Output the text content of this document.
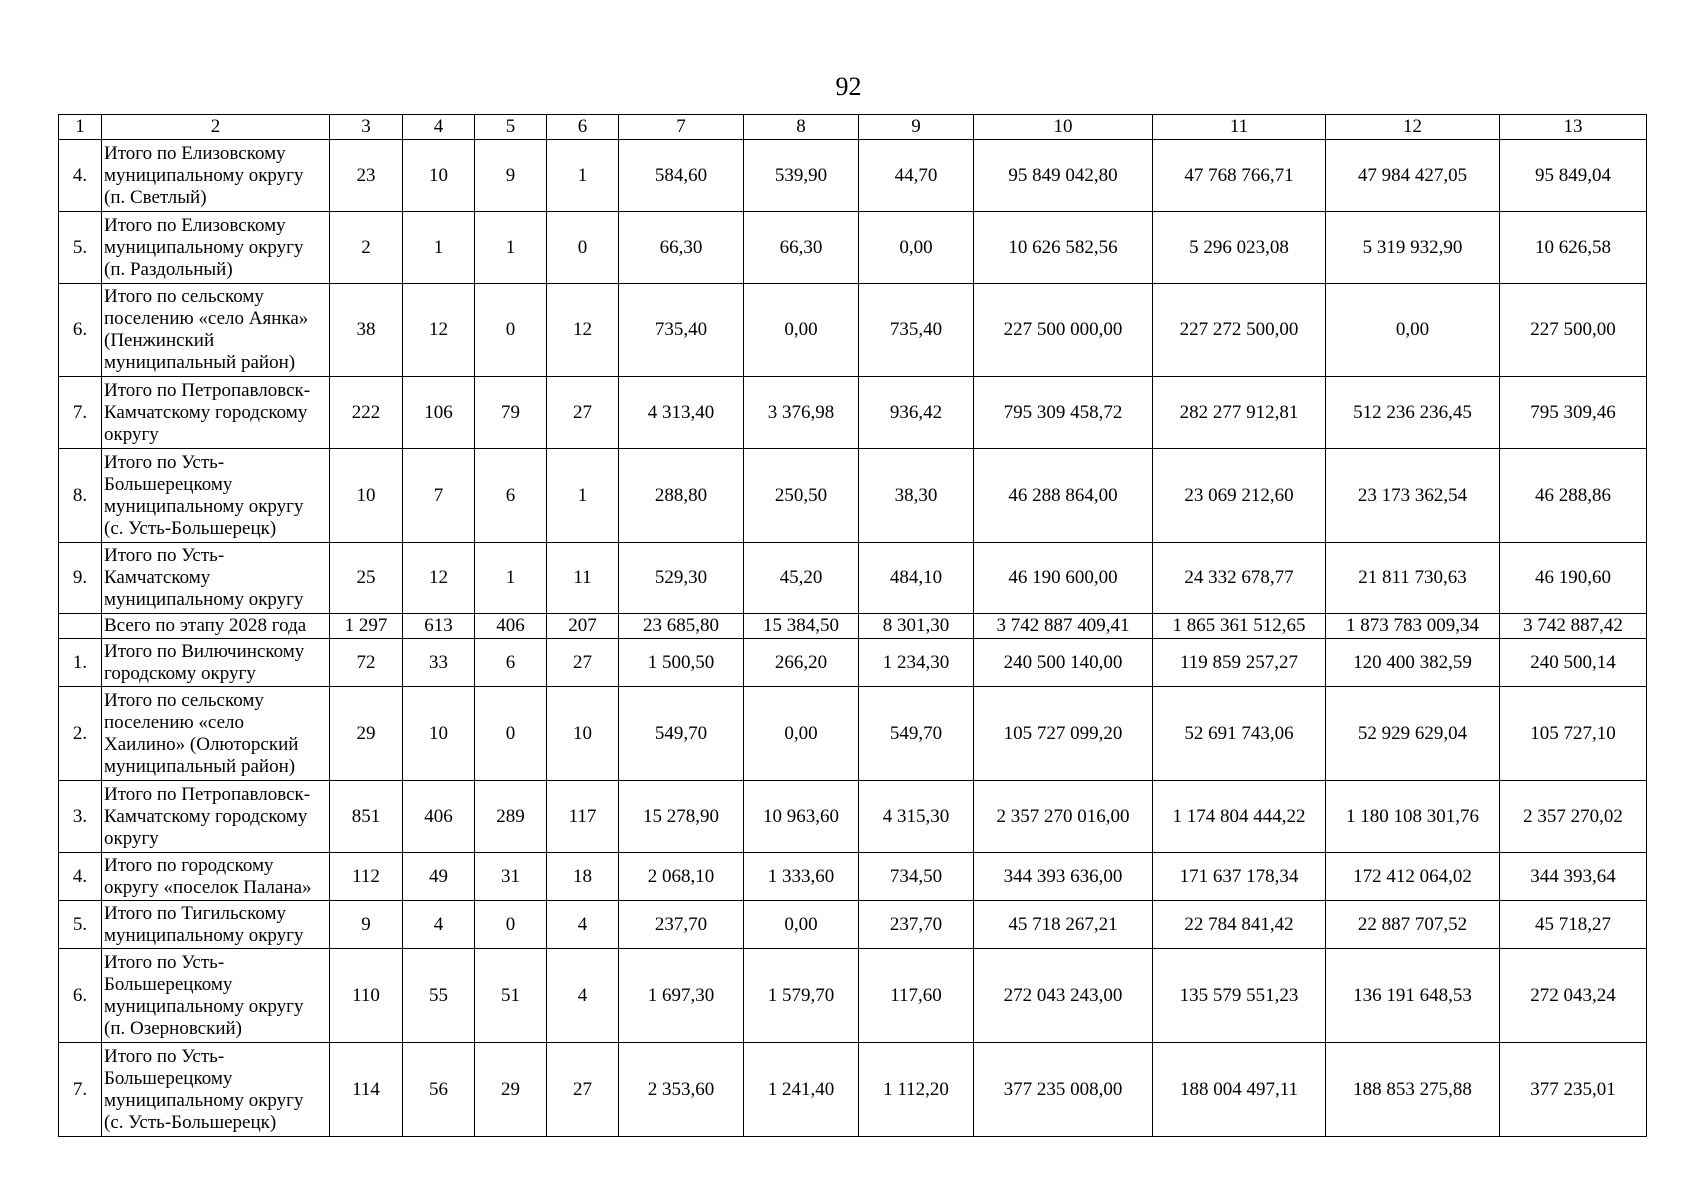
92
1	2	3	4	5	6	7	8	9	10	11	12	13
4.	Итого по Елизовскому муниципальному округу (п. Светлый)	23	10	9	1	584,60	539,90	44,70	95 849 042,80	47 768 766,71	47 984 427,05	95 849,04
5.	Итого по Елизовскому муниципальному округу (п. Раздольный)	2	1	1	0	66,30	66,30	0,00	10 626 582,56	5 296 023,08	5 319 932,90	10 626,58
6.	Итого по сельскому поселению «село Аянка» (Пенжинский муниципальный район)	38	12	0	12	735,40	0,00	735,40	227 500 000,00	227 272 500,00	0,00	227 500,00
7.	Итого по Петропавловск-Камчатскому городскому округу	222	106	79	27	4 313,40	3 376,98	936,42	795 309 458,72	282 277 912,81	512 236 236,45	795 309,46
8.	Итого по Усть-Большерецкому муниципальному округу (с. Усть-Большерецк)	10	7	6	1	288,80	250,50	38,30	46 288 864,00	23 069 212,60	23 173 362,54	46 288,86
9.	Итого по Усть-Камчатскому муниципальному округу	25	12	1	11	529,30	45,20	484,10	46 190 600,00	24 332 678,77	21 811 730,63	46 190,60
	Всего по этапу 2028 года	1 297	613	406	207	23 685,80	15 384,50	8 301,30	3 742 887 409,41	1 865 361 512,65	1 873 783 009,34	3 742 887,42
1.	Итого по Вилючинскому городскому округу	72	33	6	27	1 500,50	266,20	1 234,30	240 500 140,00	119 859 257,27	120 400 382,59	240 500,14
2.	Итого по сельскому поселению «село Хаилино» (Олюторский муниципальный район)	29	10	0	10	549,70	0,00	549,70	105 727 099,20	52 691 743,06	52 929 629,04	105 727,10
3.	Итого по Петропавловск-Камчатскому городскому округу	851	406	289	117	15 278,90	10 963,60	4 315,30	2 357 270 016,00	1 174 804 444,22	1 180 108 301,76	2 357 270,02
4.	Итого по городскому округу «поселок Палана»	112	49	31	18	2 068,10	1 333,60	734,50	344 393 636,00	171 637 178,34	172 412 064,02	344 393,64
5.	Итого по Тигильскому муниципальному округу	9	4	0	4	237,70	0,00	237,70	45 718 267,21	22 784 841,42	22 887 707,52	45 718,27
6.	Итого по Усть-Большерецкому муниципальному округу (п. Озерновский)	110	55	51	4	1 697,30	1 579,70	117,60	272 043 243,00	135 579 551,23	136 191 648,53	272 043,24
7.	Итого по Усть-Большерецкому муниципальному округу (с. Усть-Большерецк)	114	56	29	27	2 353,60	1 241,40	1 112,20	377 235 008,00	188 004 497,11	188 853 275,88	377 235,01
